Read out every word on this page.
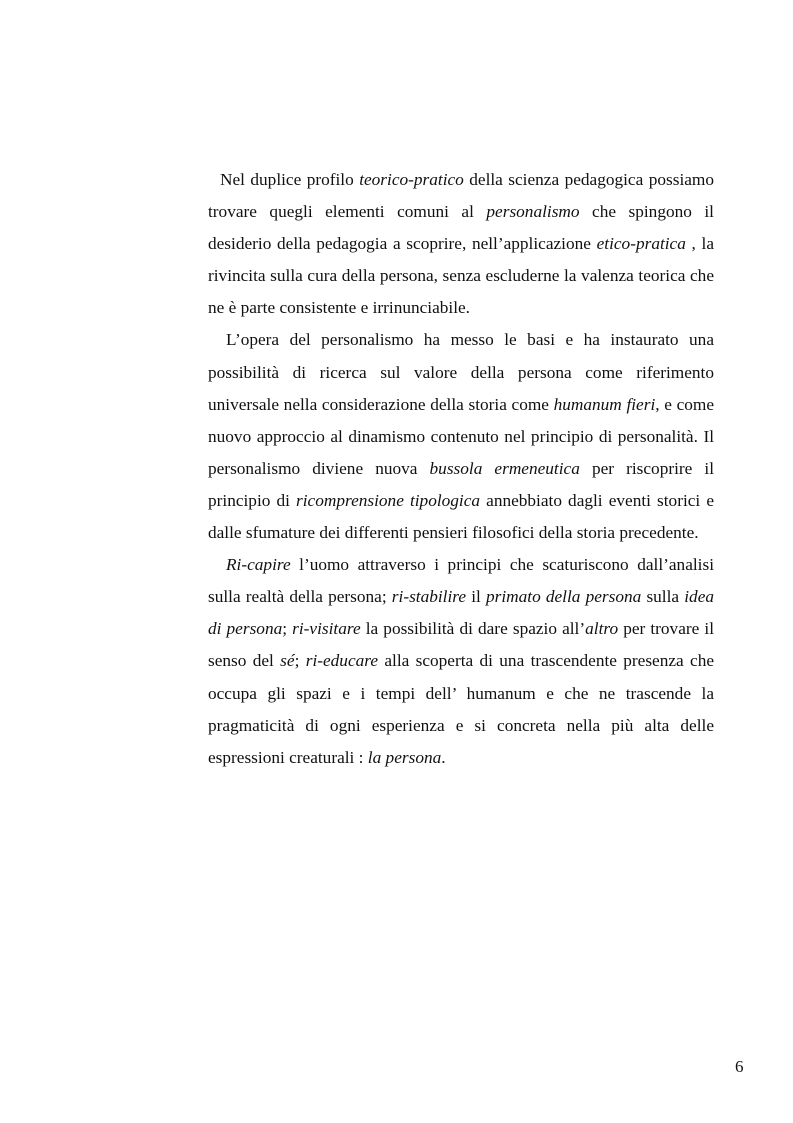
Nel duplice profilo teorico-pratico della scienza pedagogica possiamo trovare quegli elementi comuni al personalismo che spingono il desiderio della pedagogia a scoprire, nell’applicazione etico-pratica , la rivincita sulla cura della persona, senza escluderne la valenza teorica che ne è parte consistente e irrinunciabile.

L’opera del personalismo ha messo le basi e ha instaurato una possibilità di ricerca sul valore della persona come riferimento universale nella considerazione della storia come humanum fieri, e come nuovo approccio al dinamismo contenuto nel principio di personalità. Il personalismo diviene nuova bussola ermeneutica per riscoprire il principio di ricomprensione tipologica annebbiato dagli eventi storici e dalle sfumature dei differenti pensieri filosofici della storia precedente.

Ri-capire l’uomo attraverso i principi che scaturiscono dall’analisi sulla realtà della persona; ri-stabilire il primato della persona sulla idea di persona; ri-visitare la possibilità di dare spazio all’altro per trovare il senso del sé; ri-educare alla scoperta di una trascendente presenza che occupa gli spazi e i tempi dell’ humanum e che ne trascende la pragmaticità di ogni esperienza e si concreta nella più alta delle espressioni creaturali : la persona.

6
